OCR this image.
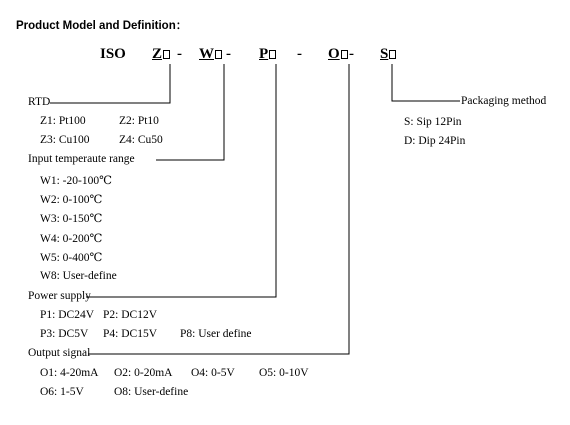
Product Model and Definition：
ISO Z - W - P	- O - S
RTD
Z1: Pt100	Z2: Pt10
Z3: Cu100	Z4: Cu50
Input temperaute range
W1: -20-100℃
W2: 0-100℃
W3: 0-150℃
W4: 0-200℃
W5: 0-400℃
W8: User-define
Power supply
P1: DC24V P2: DC12V
P3: DC5V P4: DC15V P8: User define
Output signal
O1: 4-20mA O2: 0-20mA O4: 0-5V O5: 0-10V
O6: 1-5V	O8: User-define
Packaging method
S: Sip 12Pin
D: Dip 24Pin
